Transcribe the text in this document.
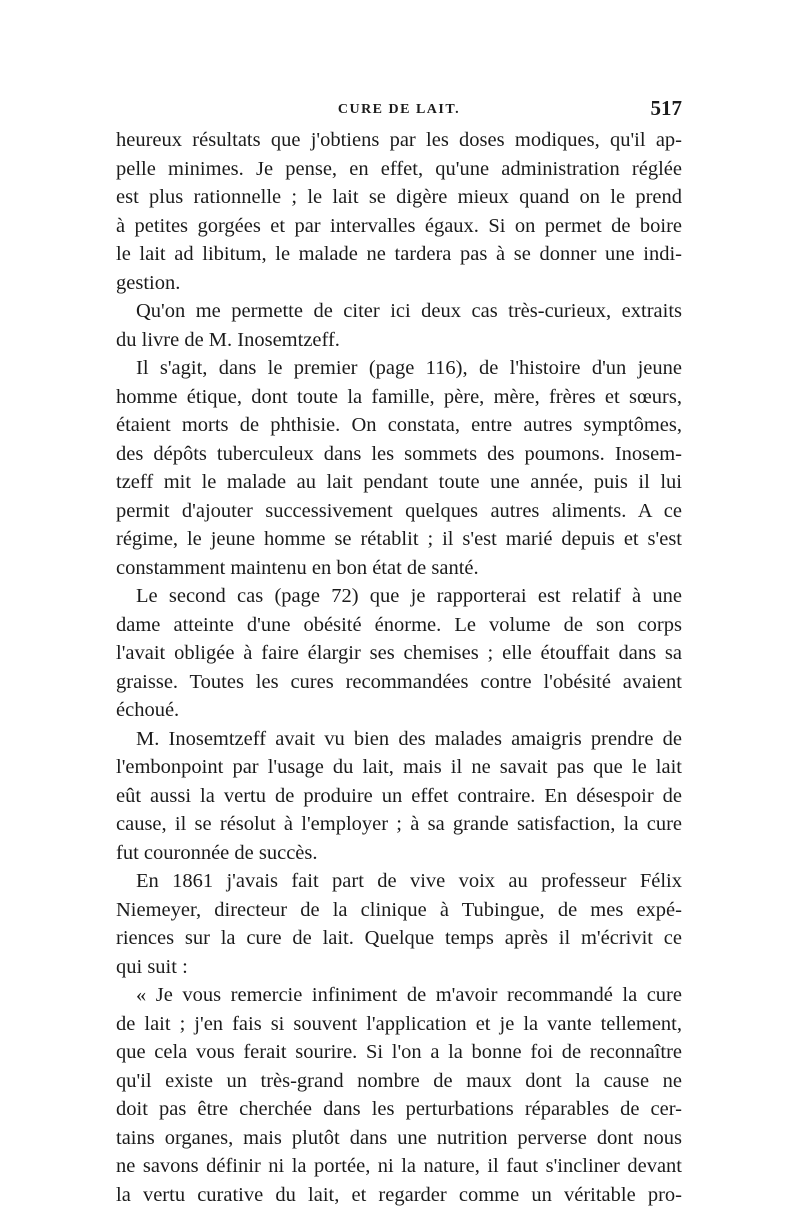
CURE DE LAIT.	517
heureux résultats que j'obtiens par les doses modiques, qu'il ap-
pelle minimes. Je pense, en effet, qu'une administration réglée
est plus rationnelle ; le lait se digère mieux quand on le prend
à petites gorgées et par intervalles égaux. Si on permet de boire
le lait ad libitum, le malade ne tardera pas à se donner une indi-
gestion.
Qu'on me permette de citer ici deux cas très-curieux, extraits
du livre de M. Inosemtzeff.
Il s'agit, dans le premier (page 116), de l'histoire d'un jeune
homme étique, dont toute la famille, père, mère, frères et sœurs,
étaient morts de phthisie. On constata, entre autres symptômes,
des dépôts tuberculeux dans les sommets des poumons. Inosem-
tzeff mit le malade au lait pendant toute une année, puis il lui
permit d'ajouter successivement quelques autres aliments. A ce
régime, le jeune homme se rétablit ; il s'est marié depuis et s'est
constamment maintenu en bon état de santé.
Le second cas (page 72) que je rapporterai est relatif à une
dame atteinte d'une obésité énorme. Le volume de son corps
l'avait obligée à faire élargir ses chemises ; elle étouffait dans sa
graisse. Toutes les cures recommandées contre l'obésité avaient
échoué.
M. Inosemtzeff avait vu bien des malades amaigris prendre de
l'embonpoint par l'usage du lait, mais il ne savait pas que le lait
eût aussi la vertu de produire un effet contraire. En désespoir de
cause, il se résolut à l'employer ; à sa grande satisfaction, la cure
fut couronnée de succès.
En 1861 j'avais fait part de vive voix au professeur Félix
Niemeyer, directeur de la clinique à Tubingue, de mes expé-
riences sur la cure de lait. Quelque temps après il m'écrivit ce
qui suit :
« Je vous remercie infiniment de m'avoir recommandé la cure
de lait ; j'en fais si souvent l'application et je la vante tellement,
que cela vous ferait sourire. Si l'on a la bonne foi de reconnaître
qu'il existe un très-grand nombre de maux dont la cause ne
doit pas être cherchée dans les perturbations réparables de cer-
tains organes, mais plutôt dans une nutrition perverse dont nous
ne savons définir ni la portée, ni la nature, il faut s'incliner devant
la vertu curative du lait, et regarder comme un véritable pro-
